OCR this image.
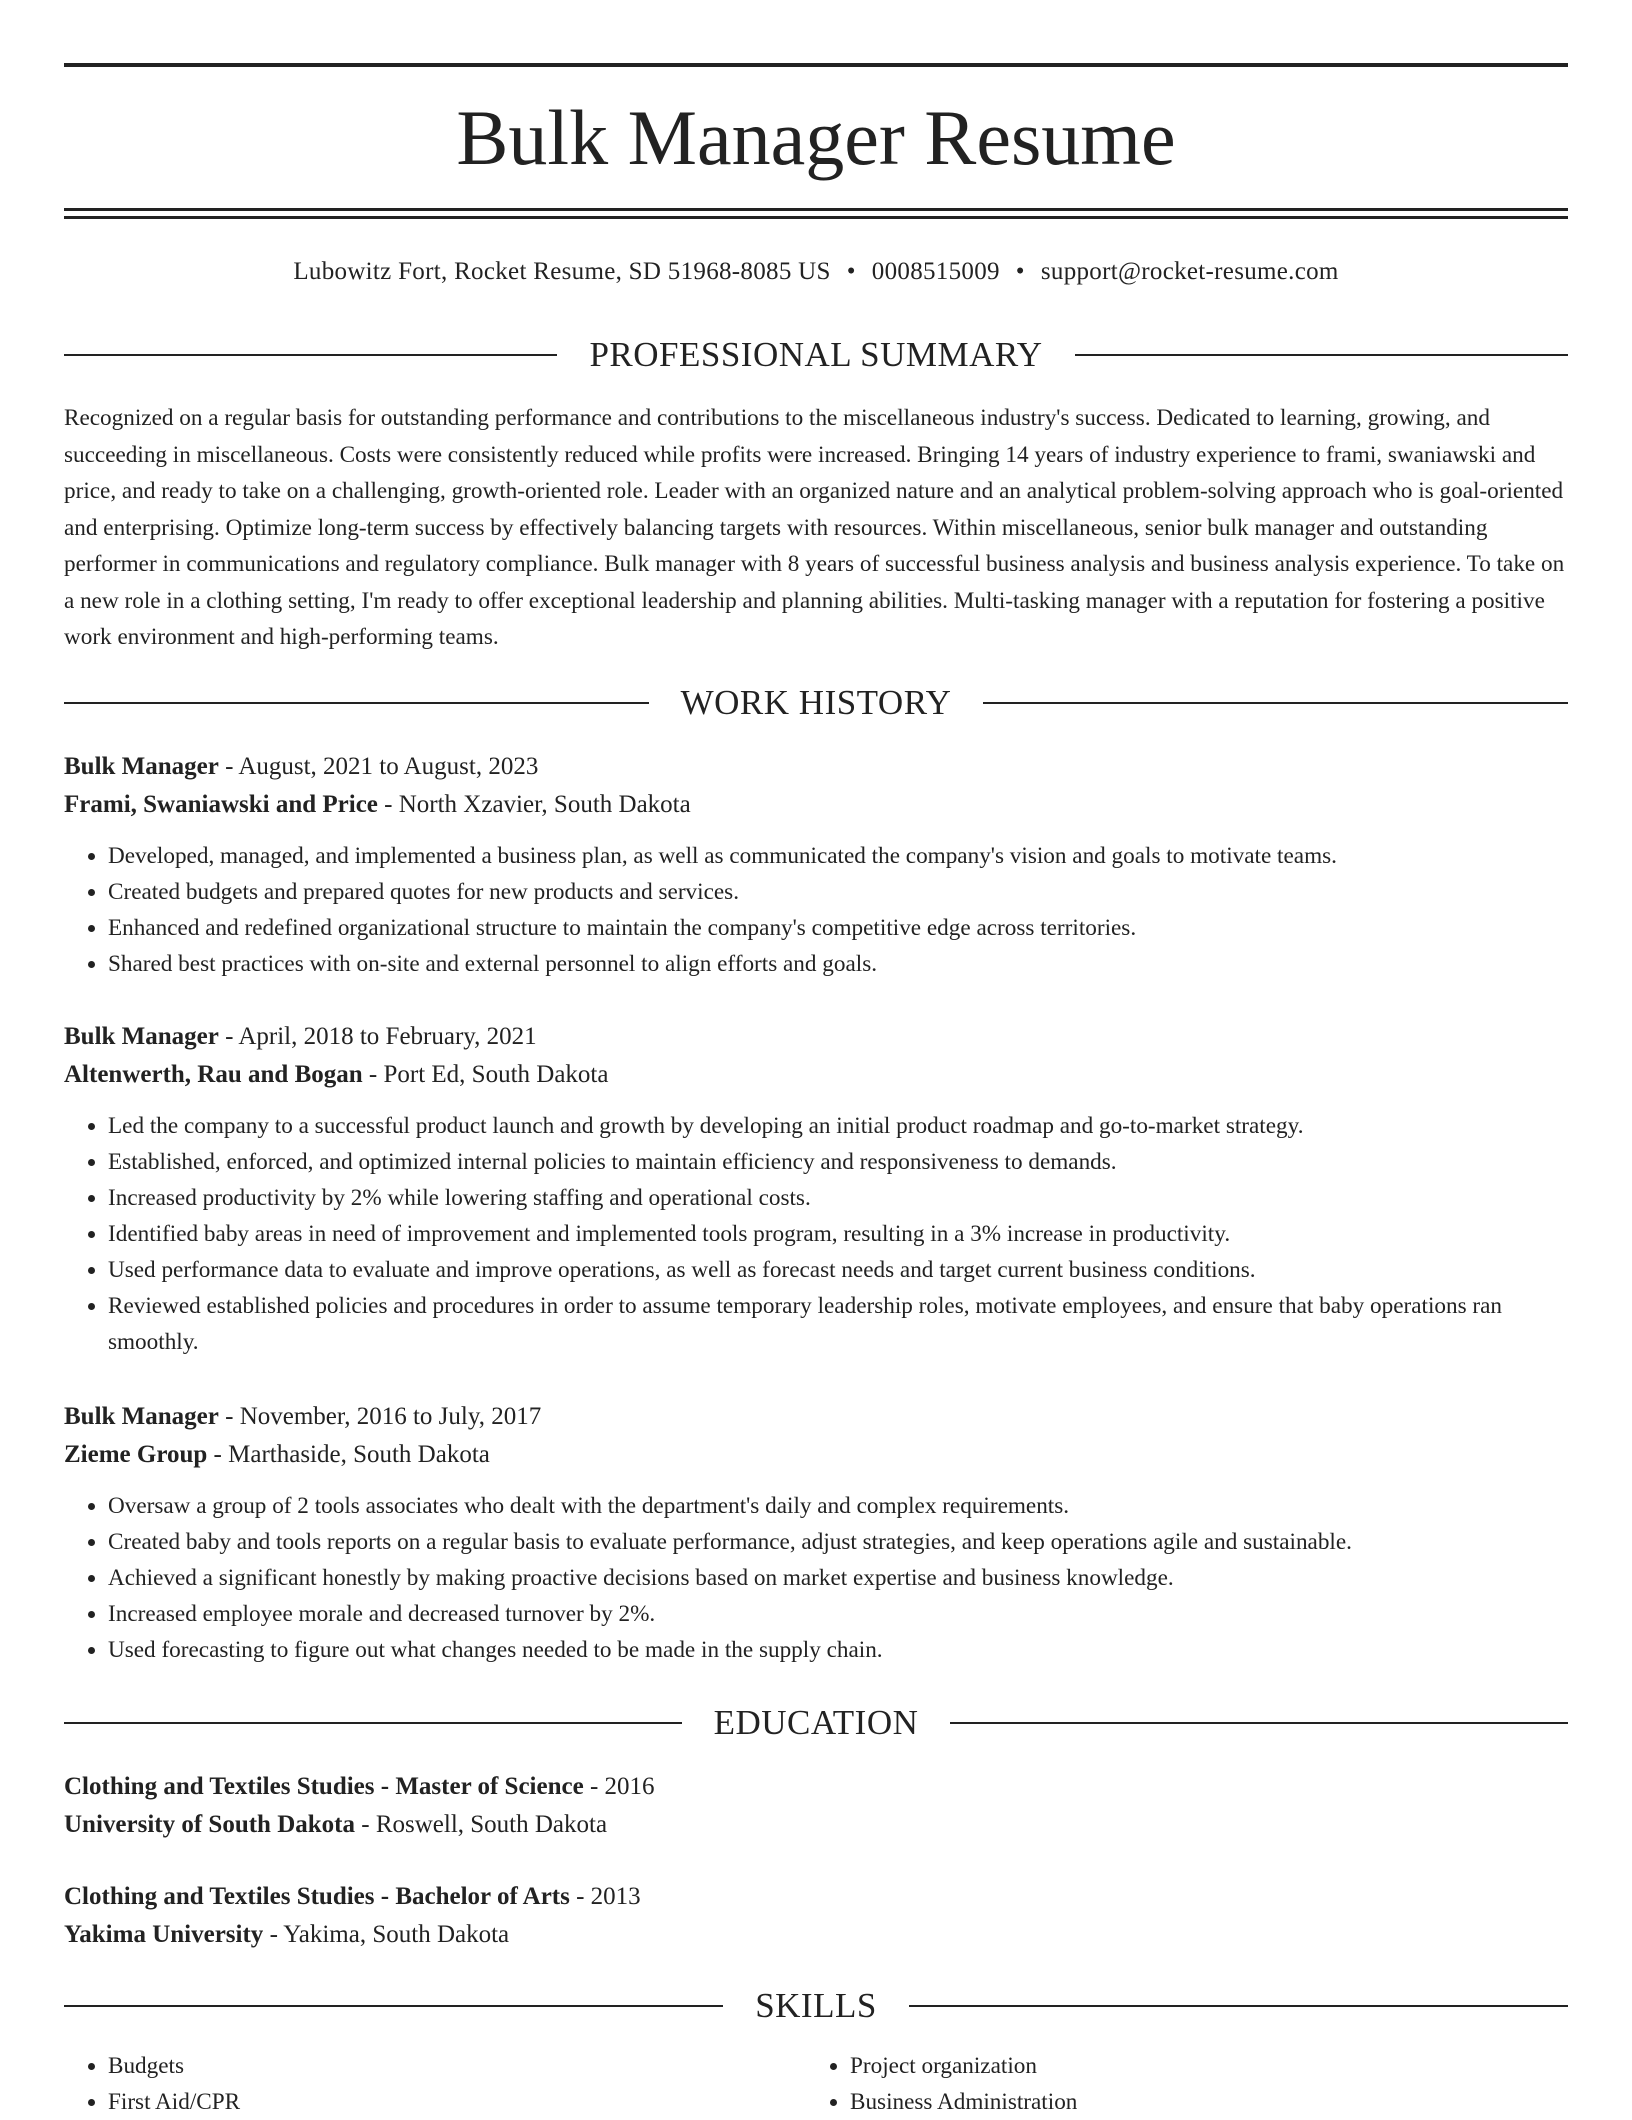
Bulk Manager Resume
Lubowitz Fort, Rocket Resume, SD 51968-8085 US • 0008515009 • support@rocket-resume.com
PROFESSIONAL SUMMARY

Recognized on a regular basis for outstanding performance and contributions to the miscellaneous industry's success. Dedicated to learning, growing, and succeeding in miscellaneous. Costs were consistently reduced while profits were increased. Bringing 14 years of industry experience to frami, swaniawski and price, and ready to take on a challenging, growth-oriented role. Leader with an organized nature and an analytical problem-solving approach who is goal-oriented and enterprising. Optimize long-term success by effectively balancing targets with resources. Within miscellaneous, senior bulk manager and outstanding performer in communications and regulatory compliance. Bulk manager with 8 years of successful business analysis and business analysis experience. To take on a new role in a clothing setting, I'm ready to offer exceptional leadership and planning abilities. Multi-tasking manager with a reputation for fostering a positive work environment and high-performing teams.

WORK HISTORY

Bulk Manager - August, 2021 to August, 2023

Frami, Swaniawski and Price - North Xzavier, South Dakota

• Developed, managed, and implemented a business plan, as well as communicated the company's vision and goals to motivate teams.
• Created budgets and prepared quotes for new products and services.
• Enhanced and redefined organizational structure to maintain the company's competitive edge across territories.
• Shared best practices with on-site and external personnel to align efforts and goals.

Bulk Manager - April, 2018 to February, 2021

Altenwerth, Rau and Bogan - Port Ed, South Dakota

• Led the company to a successful product launch and growth by developing an initial product roadmap and go-to-market strategy.
• Established, enforced, and optimized internal policies to maintain efficiency and responsiveness to demands.
• Increased productivity by 2% while lowering staffing and operational costs.
• Identified baby areas in need of improvement and implemented tools program, resulting in a 3% increase in productivity.
• Used performance data to evaluate and improve operations, as well as forecast needs and target current business conditions.
• Reviewed established policies and procedures in order to assume temporary leadership roles, motivate employees, and ensure that baby operations ran smoothly.

Bulk Manager - November, 2016 to July, 2017

Zieme Group - Marthaside, South Dakota

• Oversaw a group of 2 tools associates who dealt with the department's daily and complex requirements.
• Created baby and tools reports on a regular basis to evaluate performance, adjust strategies, and keep operations agile and sustainable.
• Achieved a significant honestly by making proactive decisions based on market expertise and business knowledge.
• Increased employee morale and decreased turnover by 2%.
• Used forecasting to figure out what changes needed to be made in the supply chain.
EDUCATION

Clothing and Textiles Studies - Master of Science - 2016

University of South Dakota - Roswell, South Dakota

Clothing and Textiles Studies - Bachelor of Arts - 2013

Yakima University - Yakima, South Dakota

SKILLS
• Budgets
• First Aid/CPR
• Project organization
• Business Administration
